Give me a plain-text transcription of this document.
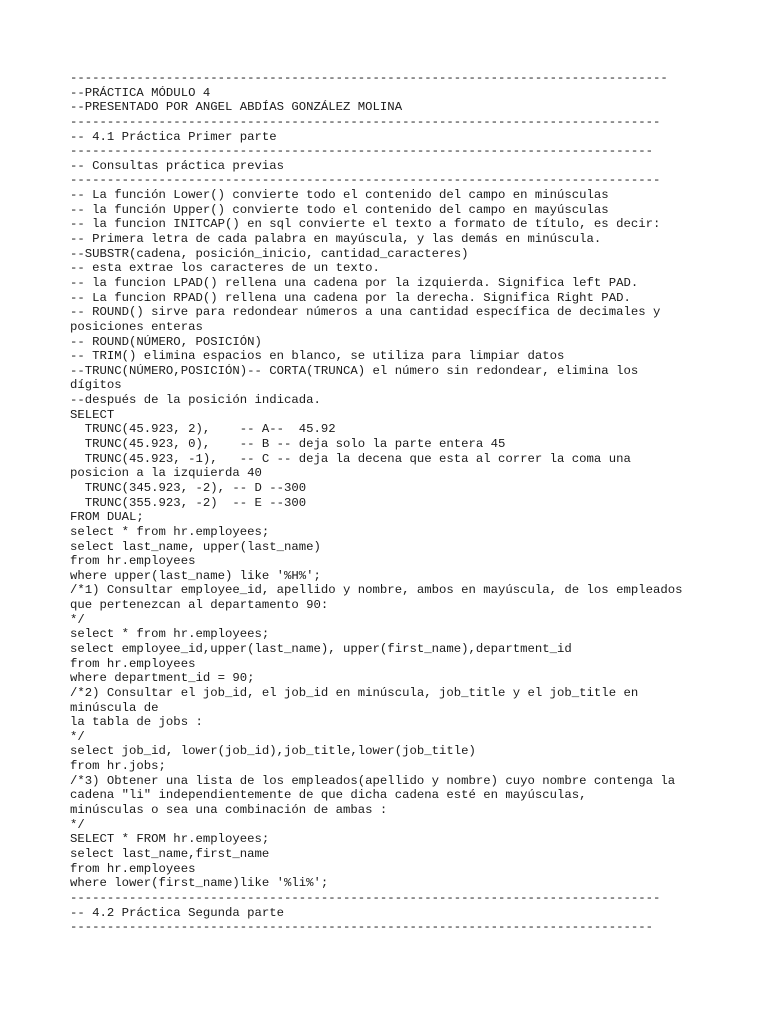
---------------------------------------------------------------------------------
--PRÁCTICA MÓDULO 4
--PRESENTADO POR ANGEL ABDÍAS GONZÁLEZ MOLINA
--------------------------------------------------------------------------------
-- 4.1 Práctica Primer parte
-------------------------------------------------------------------------------
-- Consultas práctica previas
--------------------------------------------------------------------------------
-- La función Lower() convierte todo el contenido del campo en minúsculas
-- la función Upper() convierte todo el contenido del campo en mayúsculas
-- la funcion INITCAP() en sql convierte el texto a formato de título, es decir:
-- Primera letra de cada palabra en mayúscula, y las demás en minúscula.
--SUBSTR(cadena, posición_inicio, cantidad_caracteres)
-- esta extrae los caracteres de un texto.
-- la funcion LPAD() rellena una cadena por la izquierda. Significa left PAD.
-- La funcion RPAD() rellena una cadena por la derecha. Significa Right PAD.
-- ROUND() sirve para redondear números a una cantidad específica de decimales y
posiciones enteras
-- ROUND(NÚMERO, POSICIÓN)
-- TRIM() elimina espacios en blanco, se utiliza para limpiar datos
--TRUNC(NÚMERO,POSICIÓN)-- CORTA(TRUNCA) el número sin redondear, elimina los
dígitos
--después de la posición indicada.
SELECT
TRUNC(45.923, 2),    -- A--  45.92
TRUNC(45.923, 0),    -- B -- deja solo la parte entera 45
TRUNC(45.923, -1),   -- C -- deja la decena que esta al correr la coma una
posicion a la izquierda 40
TRUNC(345.923, -2), -- D --300
TRUNC(355.923, -2)  -- E --300
FROM DUAL;
select * from hr.employees;
select last_name, upper(last_name)
from hr.employees
where upper(last_name) like '%H%';
/*1) Consultar employee_id, apellido y nombre, ambos en mayúscula, de los empleados
que pertenezcan al departamento 90:
*/
select * from hr.employees;
select employee_id,upper(last_name), upper(first_name),department_id
from hr.employees
where department_id = 90;
/*2) Consultar el job_id, el job_id en minúscula, job_title y el job_title en
minúscula de
la tabla de jobs :
*/
select job_id, lower(job_id),job_title,lower(job_title)
from hr.jobs;
/*3) Obtener una lista de los empleados(apellido y nombre) cuyo nombre contenga la
cadena "li" independientemente de que dicha cadena esté en mayúsculas,
minúsculas o sea una combinación de ambas :
*/
SELECT * FROM hr.employees;
select last_name,first_name
from hr.employees
where lower(first_name)like '%li%';
--------------------------------------------------------------------------------
-- 4.2 Práctica Segunda parte
-------------------------------------------------------------------------------
